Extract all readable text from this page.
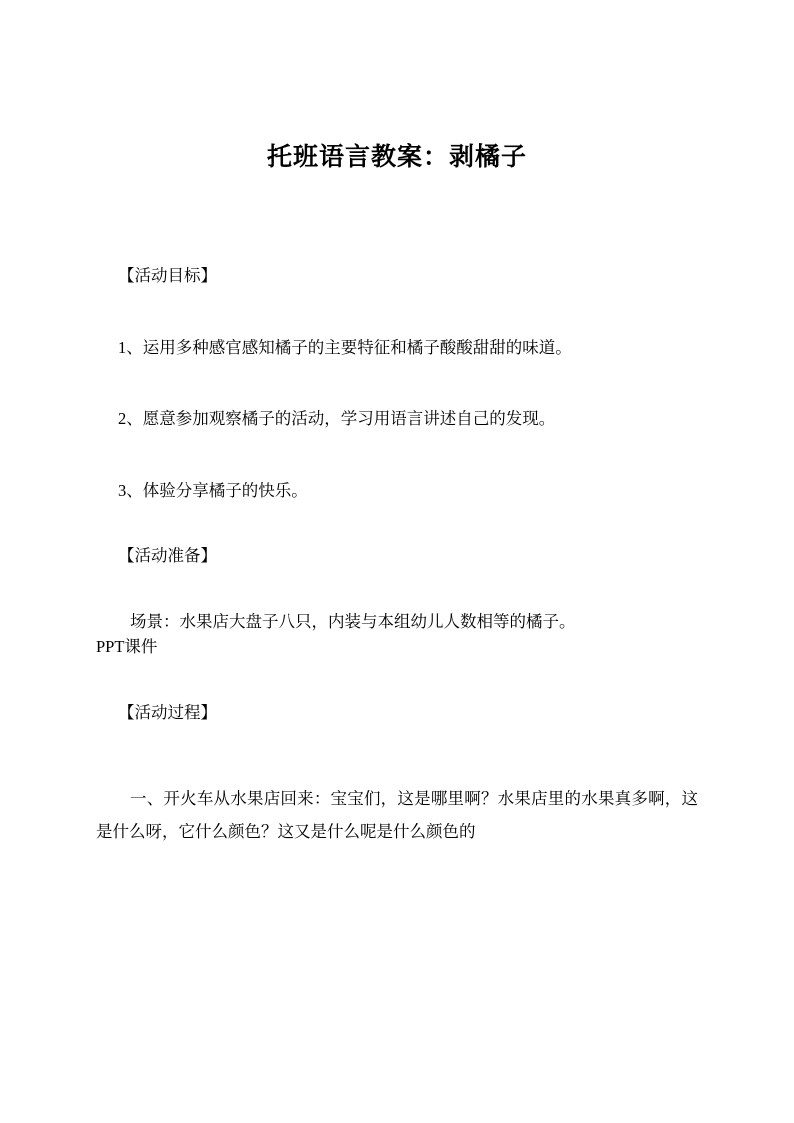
托班语言教案：剥橘子

【活动目标】

1、运用多种感官感知橘子的主要特征和橘子酸酸甜甜的味道。

2、愿意参加观察橘子的活动，学习用语言讲述自己的发现。

3、体验分享橘子的快乐。

【活动准备】

场景：水果店大盘子八只，内装与本组幼儿人数相等的橘子。

PPT课件

【活动过程】

一、开火车从水果店回来：宝宝们，这是哪里啊？水果店里的水果真多啊，这是什么呀，它什么颜色？这又是什么呢是什么颜色的
